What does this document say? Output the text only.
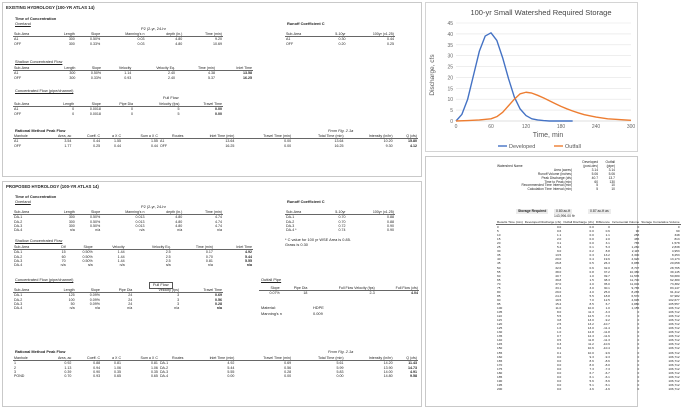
EXISTING HYDROLOGY (100-YR ATLAS 14)
Time of Concentration
Overland
P2 (2-yr, 24-hr
Sub-Area	Length	Slope	Manning's n	depth (in.)	Time (min)
A1	300	0.50%	0.03	4.80	9.20
OFF	300	0.33%	0.03	4.80	10.69
Runoff Coefficient C
Sub-Area	5-10yr	100yr (x1.25)
A1	0.30	0.44
OFF	0.20	0.25
Shallow Concentrated Flow
Sub-Area	Length	Slope	Velocity	Velocity Eq.	Time (min)	Inlet Time
A1	300	0.50%	1.14	2.40	4.38	13.58
OFF	300	0.33%	0.93	2.40	5.37	16.25
Concentrated Flow (pipe/channel)
Full Flow
Sub-Area	Length	Slope	Pipe Dia	Velocity (fps)	Travel Time
A1	0	0.0018	0	5	0.00
OFF	0	0.0018	0	5	0.00
Rational Method Peak Flow	From Fig. 2.1a
Manhole	Area, ac	Coeff. C	a X C	Sum a X C	Routes	Inlet Time (min)	Travel Time (min)	Total Time (min)	Intensity (in/hr)	Q (cfs)
A1	3.54	0.44	1.55	1.55	A1	13.64	0.00	13.64	10.20	15.80
OFF	1.77	0.25	0.44	0.44	OFF	16.25	0.00	16.25	9.30	4.12
PROPOSED HYDROLOGY (100-YR ATLAS 14)
Time of Concentration
Overland
P2 (2-yr, 24-hr
Sub-Area	Length	Slope	Manning's n	depth (in.)	Time (min)
DA-1	300	0.50%	0.013	4.80	4.74
DA-2	300	0.50%	0.013	4.80	4.74
DA-3	300	0.50%	0.013	4.80	4.74
DA-4	n/a	n/a	n/a	n/a	n/a
Runoff Coefficient C
Sub-Area	5-10yr	100yr (x1.25)
DA-1	0.70	0.88
DA-2	0.70	0.88
DA-3	0.72	0.90
DA-4 *	0.74	0.90
* C value for 100 yr WSE Area is 0.85.
Grass is 0.30
Shallow Concentrated Flow
Sub-Area	Dif	Slope	Velocity	Velocity Eq.	Time (min)	Inlet Time
DA-1	15	0.50%	1.44	2.5	0.17	4.92
DA-2	60	0.50%	1.44	2.5	0.70	5.44
DA-3	70	0.50%	1.44	2.5	0.81	5.55
DA-4	n/a	n/a	n/a	n/a	n/a	n/a
Concentrated Flow (pipe/channel)
Full Flow
Sub-Area	Length	Slope	Pipe Dia	Velocity (fps)	Travel Time
DA-1	125	0.09%	24	3	0.69
DA-2	100	0.09%	24	3	0.56
DA-3	50	0.09%	24	3	0.28
DA-4	n/a	n/a	n/a	n/a	n/a
Outfall Pipe
Slope	Pipe Dia	Full Flow Velocity (fps)	Full Flow (cfs)
0.07%	18	2-3	4.04
Material:	HDPE
Manning's n	0.009
Rational Method Peak Flow	From Fig. 2.1a
Manhole	Area, ac	Coeff. C	a X C	Sum a X C	Routes	Inlet Time (min)	Travel Time (min)	Total Time (min)	Intensity (in/hr)	Q (cfs)
1	0.92	0.88	0.81	0.81	DA-1	4.92	0.69	5.61	14.20	11.43
2	1.13	0.94	1.06	1.06	DA-2	5.44	0.56	5.99	13.90	14.73
3	0.39	0.90	0.35	0.35	DA-3	5.55	0.28	5.83	14.00	4.91
POND	0.70	0.93	0.65	0.65	DA-4	0.00	0.00	0.00	14.80	9.58
100-yr Small Watershed Required Storage
Discharge, cfs
Time, min
0
5
10
15
20
25
30
35
40
45
0	60	120	180	240	300
Developed	Outfall
	Developed	Outfall
Watershed Name	(post-dev)	(pipe)
Area (acres)	3.14	3.14
Runoff Volume (inches)	5.06	5.06
Peak Discharge (cfs)	40.7	13.7
Time to Peak (min)	60	130
Recommended Time Interval (min)	5	10
Calculation Time Interval (min)	5	10
Storage Required	0.80 ac-ft	0.87 ac-ft as
143,996.00 ft³
Results Time (min)	Developed Discharge (cfs)	Outfall Discharge (cfs)	Difference	Incremental Volume	Storage Cumulative Volume
0	0.0	0.0	0	0	0
5	0.6	0.0	0.6	90	90
10	1.1	0.0	1.1	258	348
15	2.0	0.0	2.0	465	813
20	3.1	0.0	3.1	765	1,578
25	5.4	0.1	5.3	1,260	2,838
30	9.0	0.2	8.8	2,115	4,953
35	13.5	0.3	13.2	3,300	8,253
40	20.0	0.4	19.6	4,920	13,173
45	26.8	0.5	26.3	6,885	20,058
50	32.6	0.6	32.0	8,707	28,765
55	38.0	0.8	37.2	10,380	39,145
60	40.7	1.0	39.7	11,535	50,680
65	39.8	1.5	38.3	11,700	62,380
70	37.0	2.0	35.0	11,002	73,382
75	33.1	3.0	30.1	9,765	83,147
80	29.0	4.0	25.0	8,265	91,412
85	24.3	5.5	18.8	6,570	97,982
90	19.5	7.0	12.5	4,695	102,677
95	15.2	8.5	6.7	2,880	105,557
100	11.0	10.0	1.0	1,155	106,712
105	8.0	11.3	-3.3	0	106,712
110	5.5	12.5	-7.0	0	106,712
115	3.8	13.0	-9.2	0	106,712
120	2.5	13.2	-10.7	0	106,712
125	1.6	13.0	-11.4	0	106,712
130	1.0	12.8	-11.8	0	106,712
135	0.7	12.3	-11.6	0	106,712
140	0.5	11.8	-11.3	0	106,712
145	0.3	11.2	-10.9	0	106,712
150	0.2	10.6	-10.4	0	106,712
155	0.1	10.0	-9.9	0	106,712
160	0.0	9.3	-9.3	0	106,712
165	0.0	8.6	-8.6	0	106,712
170	0.0	8.0	-8.0	0	106,712
175	0.0	7.3	-7.3	0	106,712
180	0.0	6.7	-6.7	0	106,712
185	0.0	6.1	-6.1	0	106,712
190	0.0	5.6	-5.6	0	106,712
195	0.0	5.1	-5.1	0	106,712
200	0.0	4.6	-4.6	0	106,712
